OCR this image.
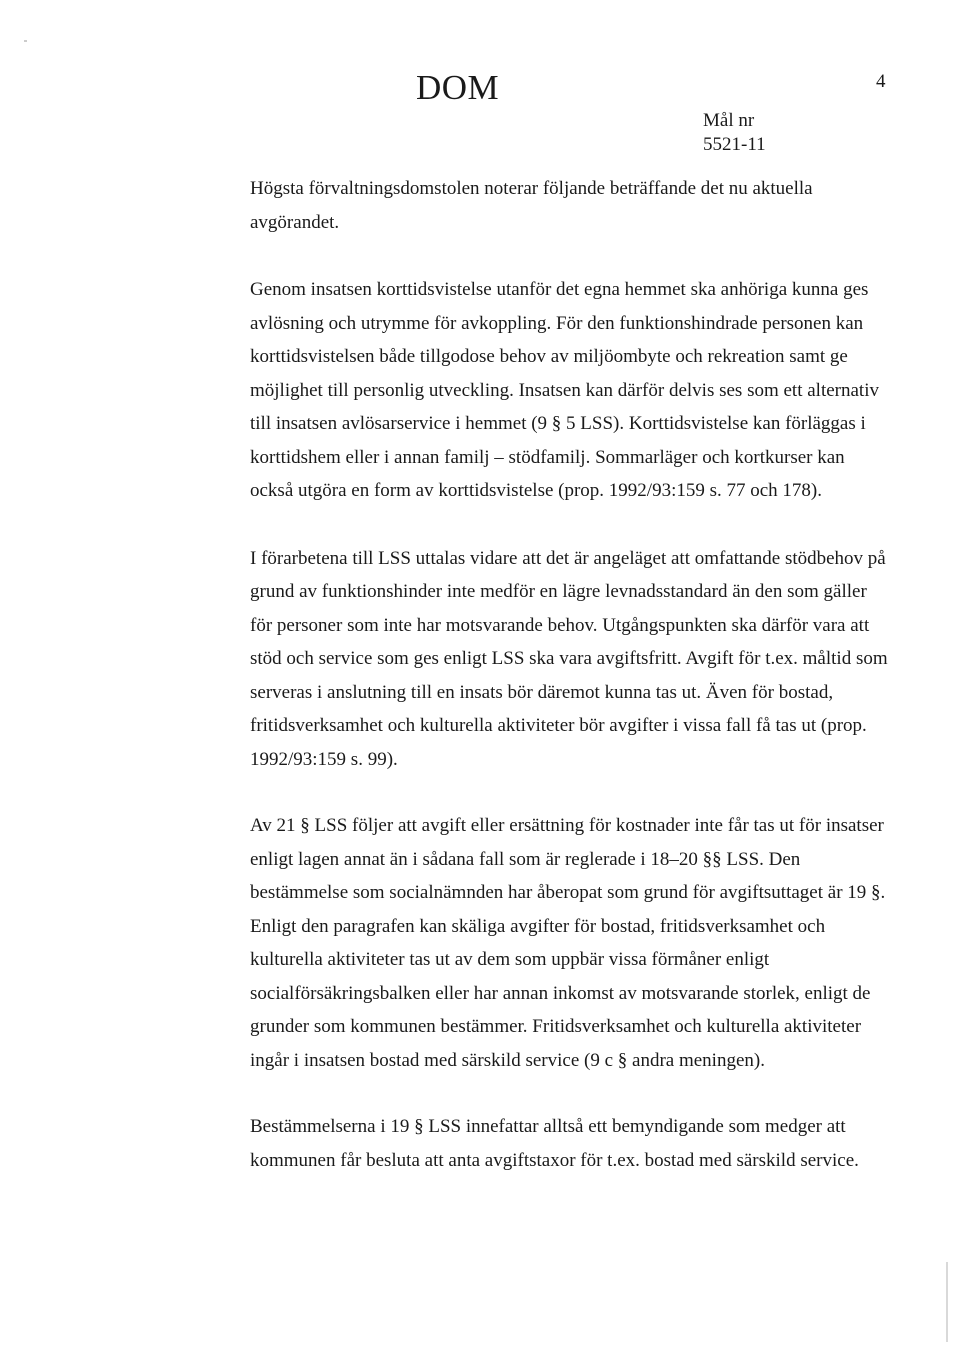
DOM	4
Mål nr
5521-11

Högsta förvaltningsdomstolen noterar följande beträffande det nu aktuella avgörandet.

Genom insatsen korttidsvistelse utanför det egna hemmet ska anhöriga kunna ges avlösning och utrymme för avkoppling. För den funktionshindrade personen kan korttidsvistelsen både tillgodose behov av miljöombyte och rekreation samt ge möjlighet till personlig utveckling. Insatsen kan därför delvis ses som ett alternativ till insatsen avlösarservice i hemmet (9 § 5 LSS). Korttidsvistelse kan förläggas i korttidshem eller i annan familj – stödfamilj. Sommarläger och kortkurser kan också utgöra en form av korttidsvistelse (prop. 1992/93:159 s. 77 och 178).

I förarbetena till LSS uttalas vidare att det är angeläget att omfattande stödbehov på grund av funktionshinder inte medför en lägre levnadsstandard än den som gäller för personer som inte har motsvarande behov. Utgångspunkten ska därför vara att stöd och service som ges enligt LSS ska vara avgiftsfritt. Avgift för t.ex. måltid som serveras i anslutning till en insats bör däremot kunna tas ut. Även för bostad, fritidsverksamhet och kulturella aktiviteter bör avgifter i vissa fall få tas ut (prop. 1992/93:159 s. 99).

Av 21 § LSS följer att avgift eller ersättning för kostnader inte får tas ut för insatser enligt lagen annat än i sådana fall som är reglerade i 18–20 §§ LSS. Den bestämmelse som socialnämnden har åberopat som grund för avgiftsuttaget är 19 §. Enligt den paragrafen kan skäliga avgifter för bostad, fritidsverksamhet och kulturella aktiviteter tas ut av dem som uppbär vissa förmåner enligt socialförsäkringsbalken eller har annan inkomst av motsvarande storlek, enligt de grunder som kommunen bestämmer. Fritidsverksamhet och kulturella aktiviteter ingår i insatsen bostad med särskild service (9 c § andra meningen).

Bestämmelserna i 19 § LSS innefattar alltså ett bemyndigande som medger att kommunen får besluta att anta avgiftstaxor för t.ex. bostad med särskild service.
